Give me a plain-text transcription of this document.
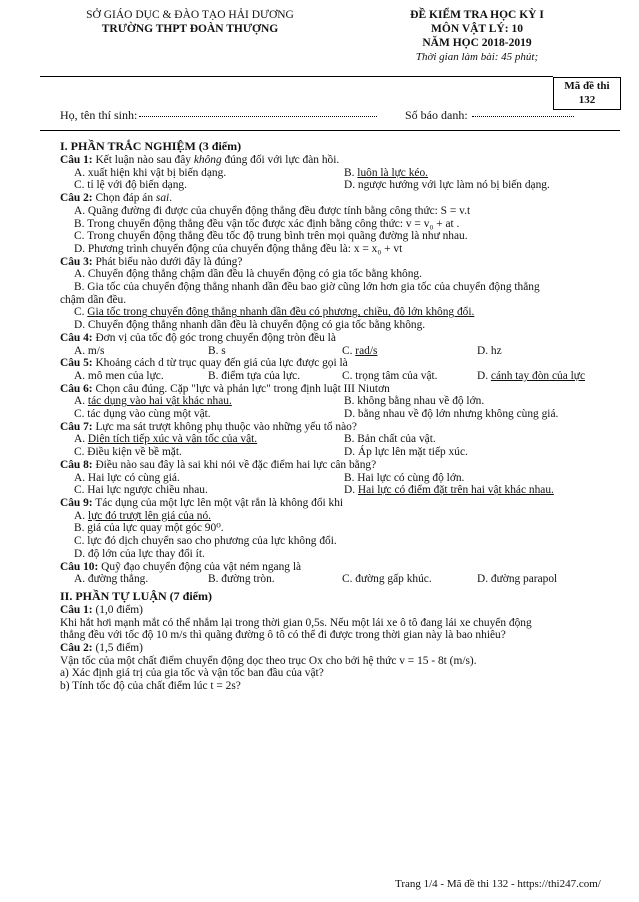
SỞ GIÁO DỤC & ĐÀO TẠO HẢI DƯƠNG
TRƯỜNG THPT ĐOÀN THƯỢNG
ĐỀ KIỂM TRA HỌC KỲ I
MÔN VẬT LÝ: 10
NĂM HỌC 2018-2019
Thời gian làm bài: 45 phút;
Mã đề thi
132
Họ, tên thí sinh:	Số báo danh:
I. PHẦN TRẮC NGHIỆM (3 điểm)
Câu 1: Kết luận nào sau đây không đúng đối với lực đàn hồi.
A. xuất hiện khi vật bị biến dạng.	B. luôn là lực kéo.
C. tỉ lệ với độ biến dạng.	D. ngược hướng với lực làm nó bị biến dạng.
Câu 2: Chọn đáp án sai.
A. Quãng đường đi được của chuyển động thẳng đều được tính bằng công thức: S = v.t
B. Trong chuyển động thẳng đều vận tốc được xác định bằng công thức: v = v₀ + at .
C. Trong chuyển động thẳng đều tốc độ trung bình trên mọi quãng đường là như nhau.
D. Phương trình chuyển động của chuyển động thẳng đều là: x = x₀ + vt
Câu 3: Phát biểu nào dưới đây là đúng?
A. Chuyển động thẳng chậm dần đều là chuyển động có gia tốc bằng không.
B. Gia tốc của chuyển động thẳng nhanh dần đều bao giờ cũng lớn hơn gia tốc của chuyển động thẳng
chậm dần đều.
C. Gia tốc trong chuyển động thẳng nhanh dần đều có phương, chiều, độ lớn không đổi.
D. Chuyển động thẳng nhanh dần đều là chuyển động có gia tốc bằng không.
Câu 4: Đơn vị của tốc độ góc trong chuyển động tròn đều là
A. m/s	B. s	C. rad/s	D. hz
Câu 5: Khoảng cách d từ trục quay đến giá của lực được gọi là
A. mô men của lực.	B. điểm tựa của lực.	C. trọng tâm của vật.	D. cánh tay đòn của lực
Câu 6: Chọn câu đúng. Cặp "lực và phản lực" trong định luật III Niutơn
A. tác dụng vào hai vật khác nhau.	B. không bằng nhau về độ lớn.
C. tác dụng vào cùng một vật.	D. bằng nhau về độ lớn nhưng không cùng giá.
Câu 7: Lực ma sát trượt không phụ thuộc vào những yếu tố nào?
A. Diện tích tiếp xúc và vận tốc của vật.	B. Bản chất của vật.
C. Điều kiện về bề mặt.	D. Áp lực lên mặt tiếp xúc.
Câu 8: Điều nào sau đây là sai khi nói về đặc điểm hai lực cân bằng?
A. Hai lực có cùng giá.	B. Hai lực có cùng độ lớn.
C. Hai lực ngược chiều nhau.	D. Hai lực có điểm đặt trên hai vật khác nhau.
Câu 9: Tác dụng của một lực lên một vật rắn là không đổi khi
A. lực đó trượt lên giá của nó.
B. giá của lực quay một góc 90⁰.
C. lực đó dịch chuyển sao cho phương của lực không đổi.
D. độ lớn của lực thay đổi ít.
Câu 10: Quỹ đạo chuyển động của vật ném ngang là
A. đường thẳng.	B. đường tròn.	C. đường gấp khúc.	D. đường parapol
II. PHẦN TỰ LUẬN (7 điểm)
Câu 1: (1,0 điểm)
Khi hắt hơi mạnh mắt có thể nhắm lại trong thời gian 0,5s. Nếu một lái xe ô tô đang lái xe chuyển động
thẳng đều với tốc độ 10 m/s thì quãng đường ô tô có thể đi được trong thời gian này là bao nhiêu?
Câu 2: (1,5 điểm)
Vận tốc của một chất điểm chuyển động dọc theo trục Ox cho bởi hệ thức v = 15 - 8t (m/s).
a) Xác định giá trị của gia tốc và vận tốc ban đầu của vật?
b) Tính tốc độ của chất điểm lúc t = 2s?
Trang 1/4 - Mã đề thi 132 - https://thi247.com/
